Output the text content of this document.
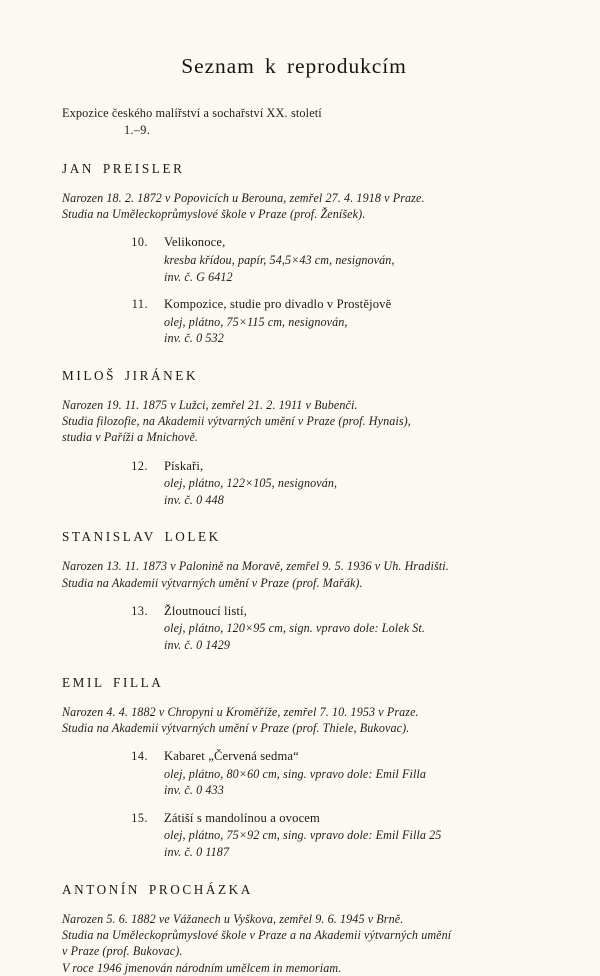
Seznam k reprodukcím

Expozice českého malířství a sochařství XX. století

1.–9.

JAN PREISLER

Narozen 18. 2. 1872 v Popovicích u Berouna, zemřel 27. 4. 1918 v Praze.
Studia na Uměleckoprůmyslové škole v Praze (prof. Ženíšek).

10.	Velikonoce,
kresba křídou, papír, 54,5×43 cm, nesignován,
inv. č. G 6412
11.	Kompozice, studie pro divadlo v Prostějově
olej, plátno, 75×115 cm, nesignován,
inv. č. 0 532
MILOŠ JIRÁNEK

Narozen 19. 11. 1875 v Lužci, zemřel 21. 2. 1911 v Bubenči.
Studia filozofie, na Akademii výtvarných umění v Praze (prof. Hynais),
studia v Paříži a Mnichově.

12.	Pískaři,
olej, plátno, 122×105, nesignován,
inv. č. 0 448
STANISLAV LOLEK

Narozen 13. 11. 1873 v Palonině na Moravě, zemřel 9. 5. 1936 v Uh. Hradišti.
Studia na Akademii výtvarných umění v Praze (prof. Mařák).

13.	Žloutnoucí listí,
olej, plátno, 120×95 cm, sign. vpravo dole: Lolek St.
inv. č. 0 1429
EMIL FILLA

Narozen 4. 4. 1882 v Chropyni u Kroměříže, zemřel 7. 10. 1953 v Praze.
Studia na Akademii výtvarných umění v Praze (prof. Thiele, Bukovac).

14.	Kabaret „Červená sedma“
olej, plátno, 80×60 cm, sing. vpravo dole: Emil Filla
inv. č. 0 433
15.	Zátiší s mandolínou a ovocem
olej, plátno, 75×92 cm, sing. vpravo dole: Emil Filla 25
inv. č. 0 1187
ANTONÍN PROCHÁZKA

Narozen 5. 6. 1882 ve Vážanech u Vyškova, zemřel 9. 6. 1945 v Brně.
Studia na Uměleckoprůmyslové škole v Praze a na Akademii výtvarných umění
v Praze (prof. Bukovac).
V roce 1946 jmenován národním umělcem in memoriam.
